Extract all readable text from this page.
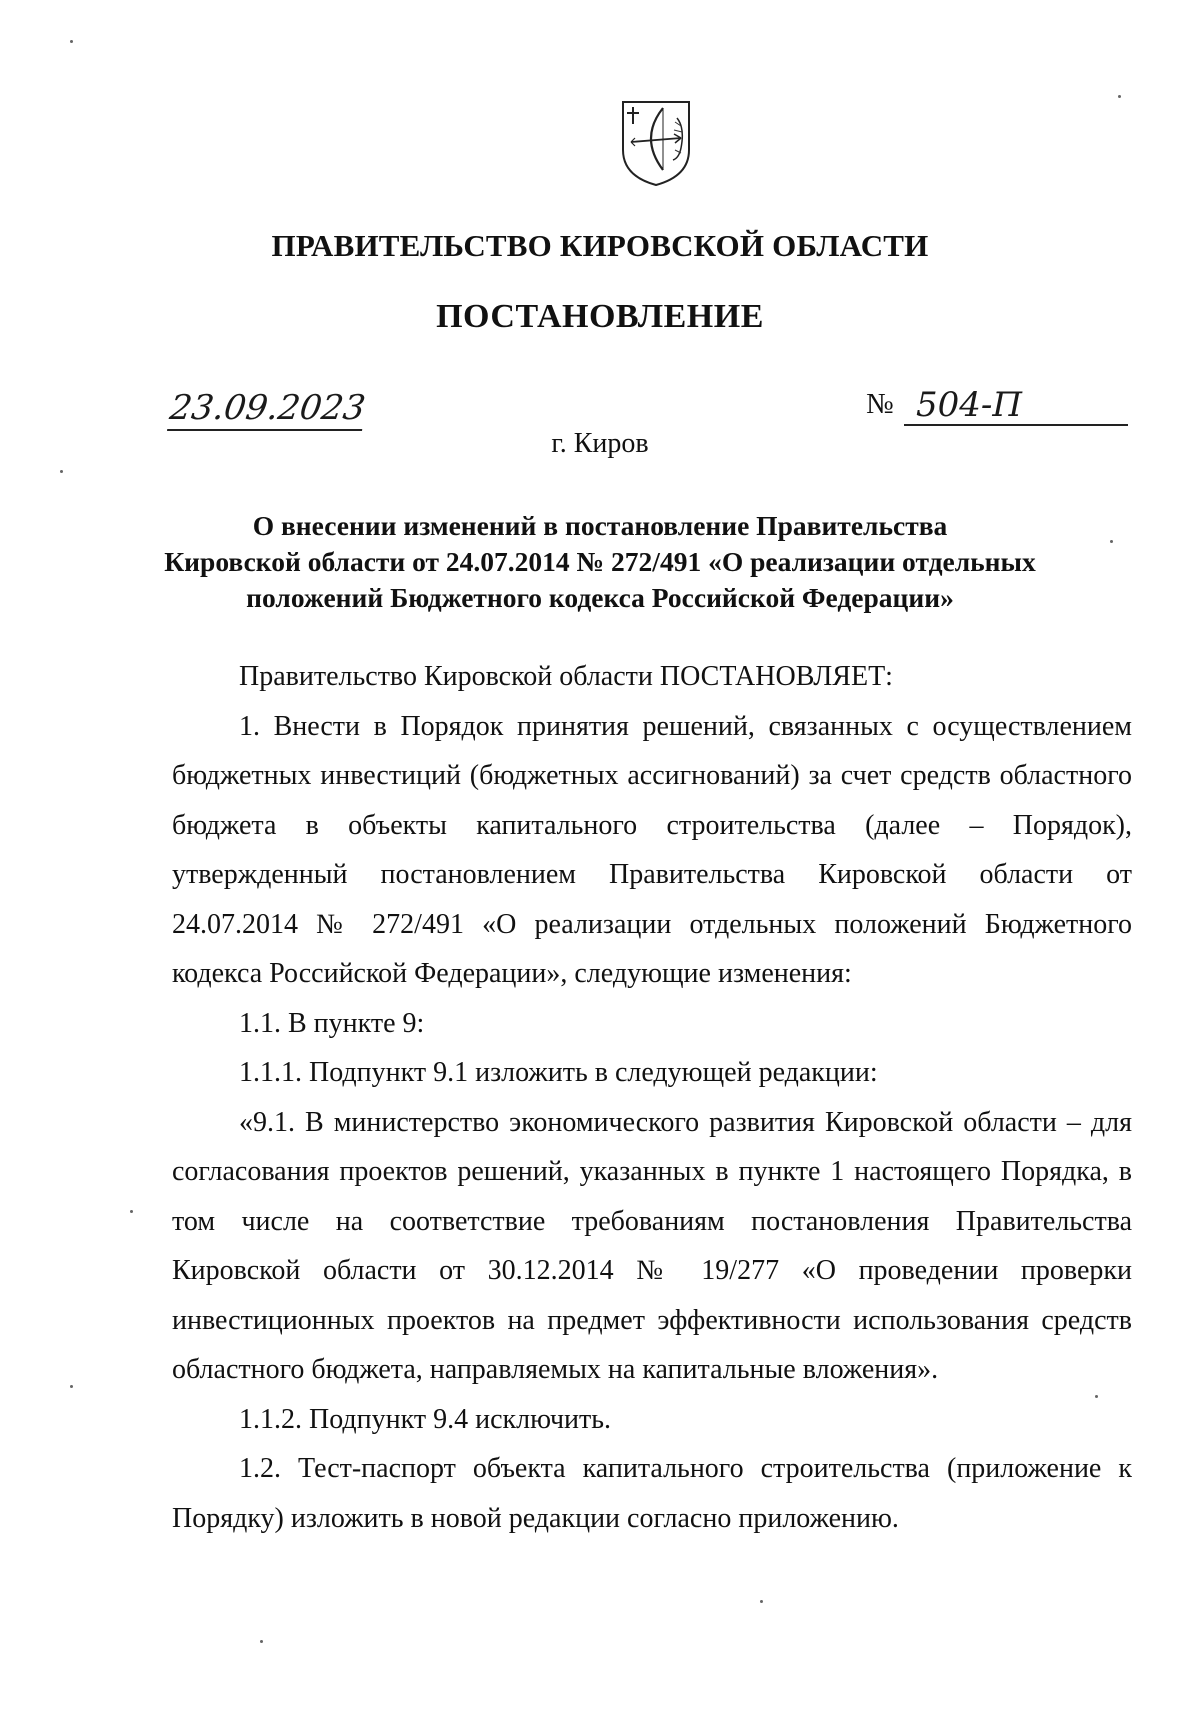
ПРАВИТЕЛЬСТВО КИРОВСКОЙ ОБЛАСТИ
ПОСТАНОВЛЕНИЕ
23.09.2023	№ 504-П
г. Киров
О внесении изменений в постановление Правительства
Кировской области от 24.07.2014 № 272/491 «О реализации отдельных
положений Бюджетного кодекса Российской Федерации»

Правительство Кировской области ПОСТАНОВЛЯЕТ:

1. Внести в Порядок принятия решений, связанных с осуществлением бюджетных инвестиций (бюджетных ассигнований) за счет средств областного бюджета в объекты капитального строительства (далее – Порядок), утвержденный постановлением Правительства Кировской области от 24.07.2014 № 272/491 «О реализации отдельных положений Бюджетного кодекса Российской Федерации», следующие изменения:

1.1. В пункте 9:

1.1.1. Подпункт 9.1 изложить в следующей редакции:

«9.1. В министерство экономического развития Кировской области – для согласования проектов решений, указанных в пункте 1 настоящего Порядка, в том числе на соответствие требованиям постановления Правительства Кировской области от 30.12.2014 № 19/277 «О проведении проверки инвестиционных проектов на предмет эффективности использования средств областного бюджета, направляемых на капитальные вложения».

1.1.2. Подпункт 9.4 исключить.

1.2. Тест-паспорт объекта капитального строительства (приложение к Порядку) изложить в новой редакции согласно приложению.
